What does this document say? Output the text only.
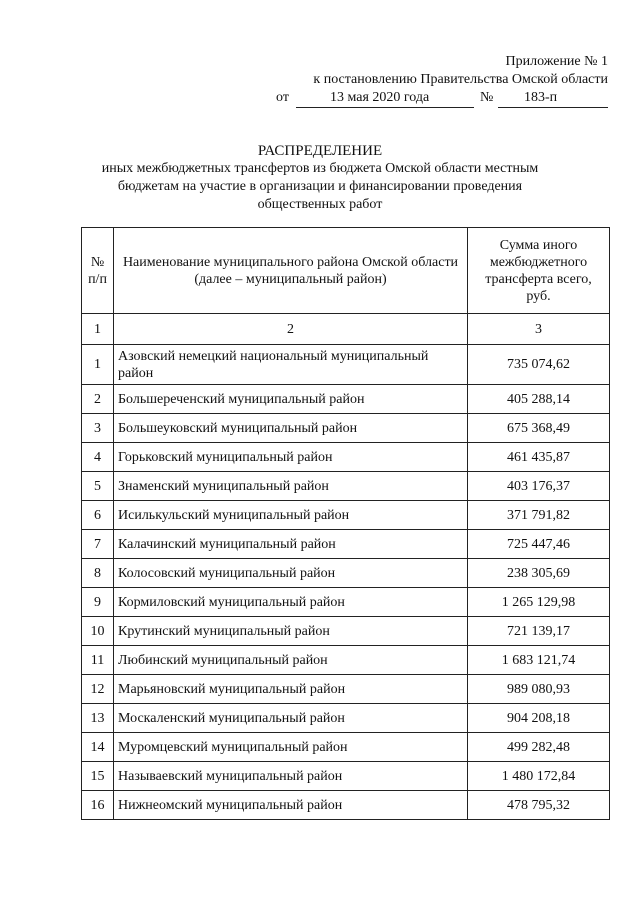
Приложение № 1
к постановлению Правительства Омской области
от	13 мая 2020 года	№ 183-п
РАСПРЕДЕЛЕНИЕ
иных межбюджетных трансфертов из бюджета Омской области местным бюджетам на участие в организации и финансировании проведения общественных работ
№ п/п	Наименование муниципального района Омской области (далее – муниципальный район)	Сумма иного межбюджетного трансферта всего, руб.
1	2	3
1	Азовский немецкий национальный муниципальный район	735 074,62
2	Большереченский муниципальный район	405 288,14
3	Большеуковский муниципальный район	675 368,49
4	Горьковский муниципальный район	461 435,87
5	Знаменский муниципальный район	403 176,37
6	Исилькульский муниципальный район	371 791,82
7	Калачинский муниципальный район	725 447,46
8	Колосовский муниципальный район	238 305,69
9	Кормиловский муниципальный район	1 265 129,98
10	Крутинский муниципальный район	721 139,17
11	Любинский муниципальный район	1 683 121,74
12	Марьяновский муниципальный район	989 080,93
13	Москаленский муниципальный район	904 208,18
14	Муромцевский муниципальный район	499 282,48
15	Называевский муниципальный район	1 480 172,84
16	Нижнеомский муниципальный район	478 795,32
